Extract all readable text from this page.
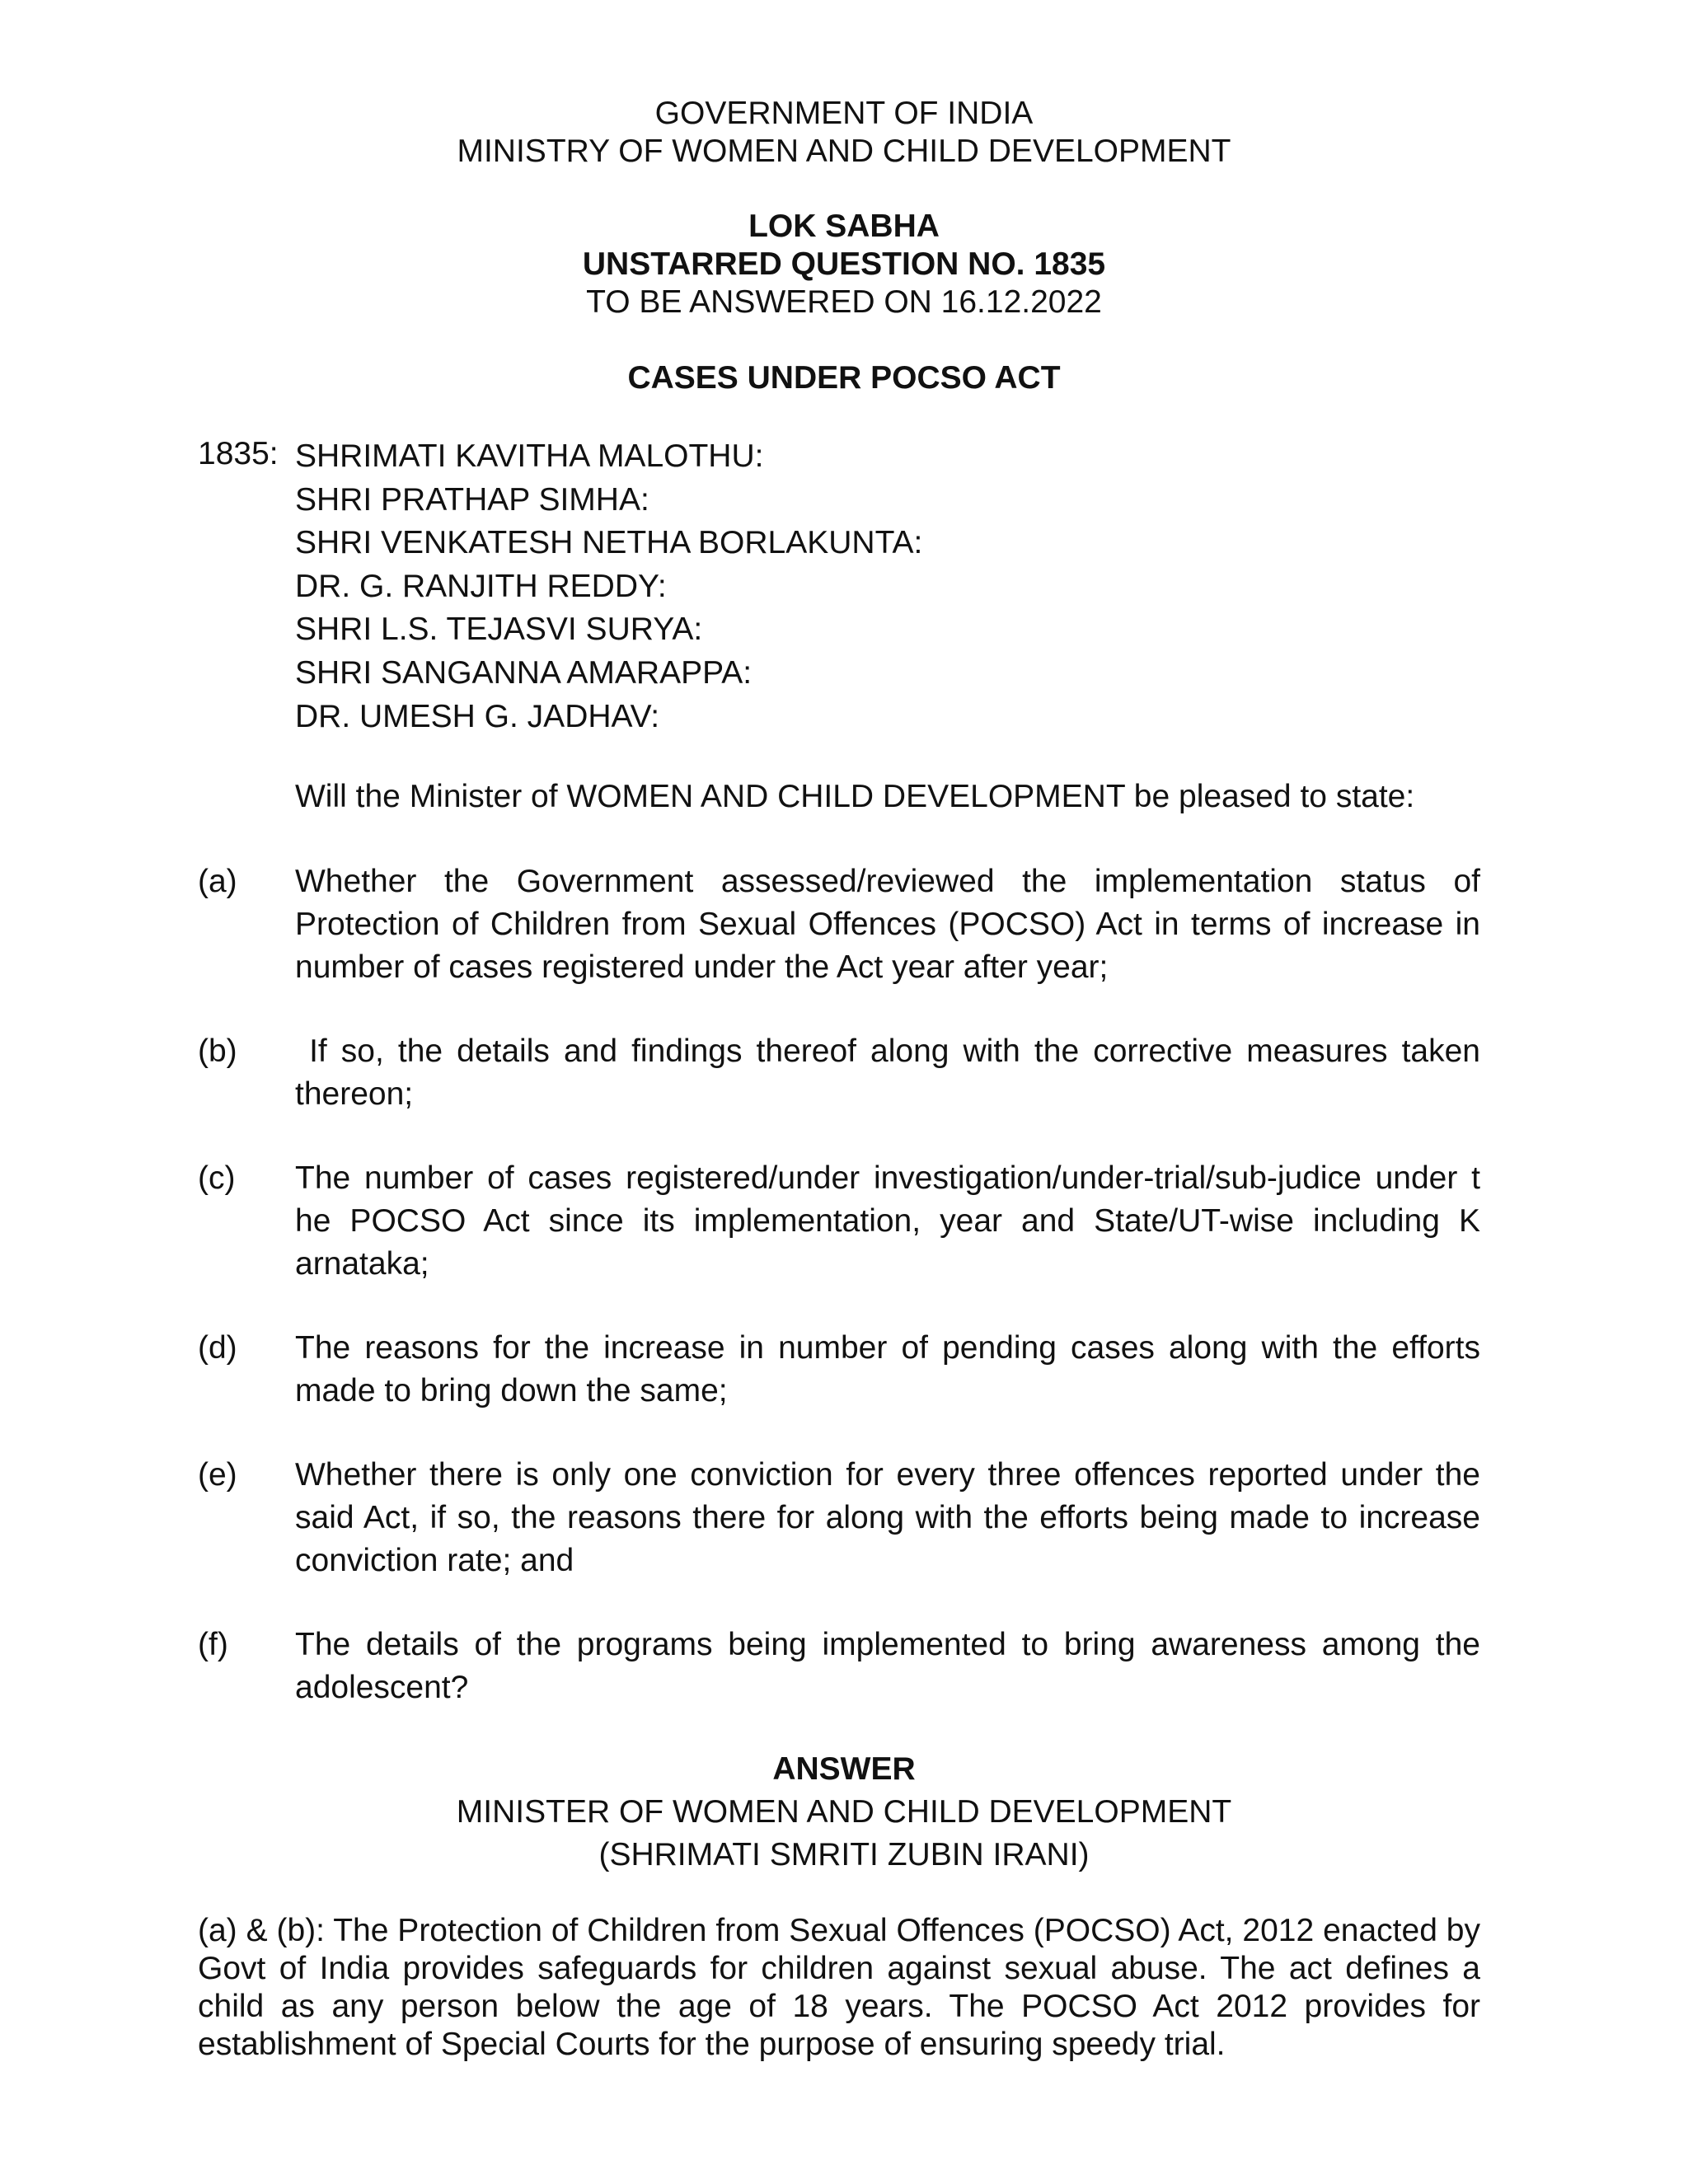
GOVERNMENT OF INDIA
MINISTRY OF WOMEN AND CHILD DEVELOPMENT
LOK SABHA
UNSTARRED QUESTION NO. 1835
TO BE ANSWERED ON 16.12.2022
CASES UNDER POCSO ACT
1835: SHRIMATI KAVITHA MALOTHU:
SHRI PRATHAP SIMHA:
SHRI VENKATESH NETHA BORLAKUNTA:
DR. G. RANJITH REDDY:
SHRI L.S. TEJASVI SURYA:
SHRI SANGANNA AMARAPPA:
DR. UMESH G. JADHAV:
Will the Minister of WOMEN AND CHILD DEVELOPMENT be pleased to state:
(a) Whether the Government assessed/reviewed the implementation status of Protection of Children from Sexual Offences (POCSO) Act in terms of increase in number of cases registered under the Act year after year;
(b) If so, the details and findings thereof along with the corrective measures taken thereon;
(c) The number of cases registered/under investigation/under-trial/sub-judice under t he POCSO Act since its implementation, year and State/UT-wise including K arnataka;
(d) The reasons for the increase in number of pending cases along with the efforts made to bring down the same;
(e) Whether there is only one conviction for every three offences reported under the said Act, if so, the reasons there for along with the efforts being made to increase conviction rate; and
(f) The details of the programs being implemented to bring awareness among the adolescent?
ANSWER
MINISTER OF WOMEN AND CHILD DEVELOPMENT
(SHRIMATI SMRITI ZUBIN IRANI)
(a) & (b): The Protection of Children from Sexual Offences (POCSO) Act, 2012 enacted by Govt of India provides safeguards for children against sexual abuse. The act defines a child as any person below the age of 18 years. The POCSO Act 2012 provides for establishment of Special Courts for the purpose of ensuring speedy trial.
